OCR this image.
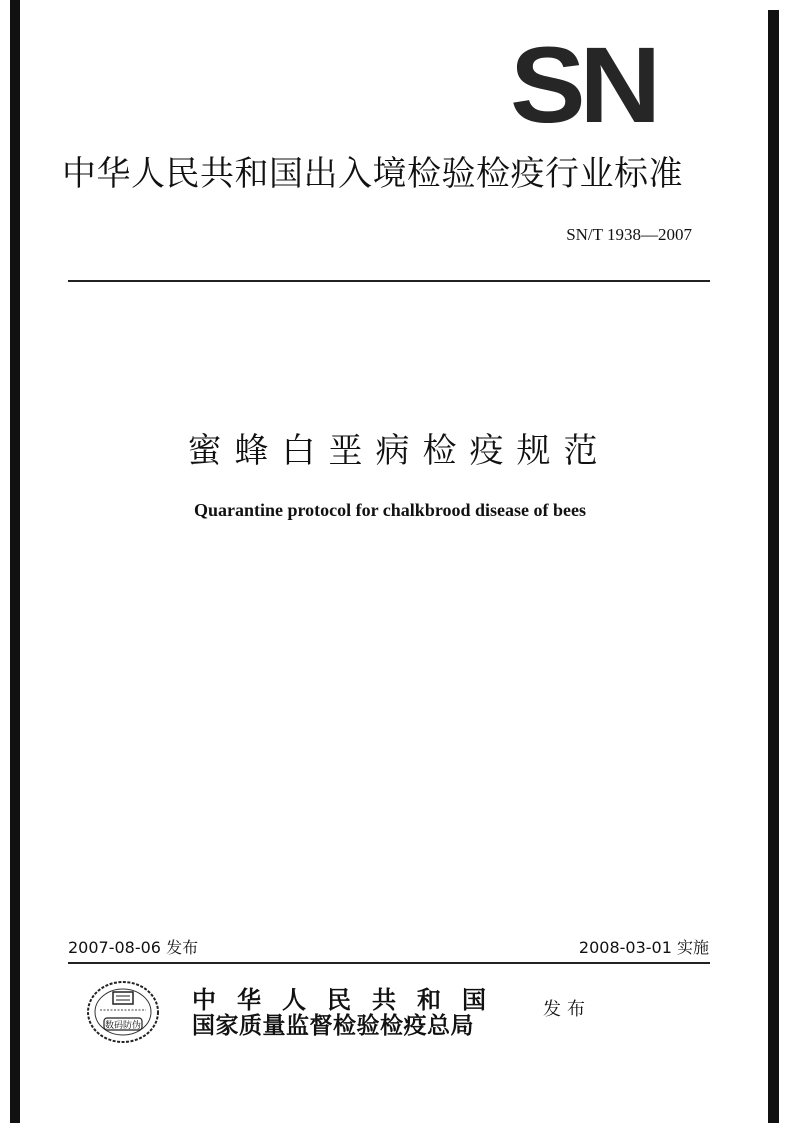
SN
中华人民共和国出入境检验检疫行业标准
SN/T 1938—2007
蜜蜂白垩病检疫规范
Quarantine protocol for chalkbrood disease of bees
2007-08-06 发布	2008-03-01 实施
数码防伪
中华人民共和国
国家质量监督检验检疫总局
发布
